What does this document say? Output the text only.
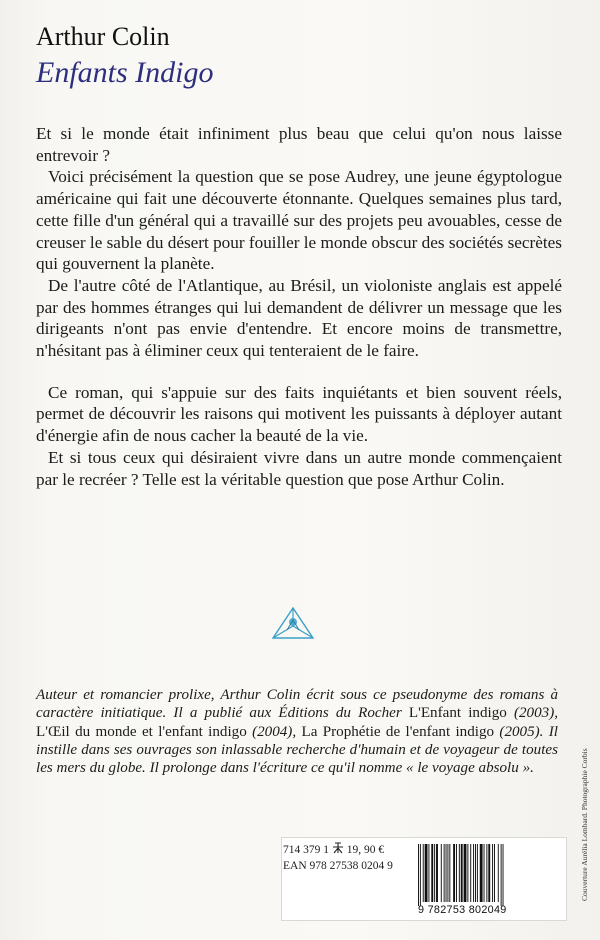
Arthur Colin
Enfants Indigo

Et si le monde était infiniment plus beau que celui qu'on nous laisse entrevoir ?

Voici précisément la question que se pose Audrey, une jeune égyptologue américaine qui fait une découverte étonnante. Quelques semaines plus tard, cette fille d'un général qui a travaillé sur des projets peu avouables, cesse de creuser le sable du désert pour fouiller le monde obscur des sociétés secrètes qui gouvernent la planète.

De l'autre côté de l'Atlantique, au Brésil, un violoniste anglais est appelé par des hommes étranges qui lui demandent de délivrer un message que les dirigeants n'ont pas envie d'entendre. Et encore moins de transmettre, n'hésitant pas à éliminer ceux qui tenteraient de le faire.

Ce roman, qui s'appuie sur des faits inquiétants et bien souvent réels, permet de découvrir les raisons qui motivent les puissants à déployer autant d'énergie afin de nous cacher la beauté de la vie.

Et si tous ceux qui désiraient vivre dans un autre monde commençaient par le recréer ? Telle est la véritable question que pose Arthur Colin.

Auteur et romancier prolixe, Arthur Colin écrit sous ce pseudonyme des romans à caractère initiatique. Il a publié aux Éditions du Rocher L'Enfant indigo (2003), L'Œil du monde et l'enfant indigo (2004), La Prophétie de l'enfant indigo (2005). Il instille dans ses ouvrages son inlassable recherche d'humain et de voyageur de toutes les mers du globe. Il prolonge dans l'écriture ce qu'il nomme « le voyage absolu ».
714 379 1 19, 90 €
EAN 978 27538 0204 9
9 782753 802049
Couverture Aurélia Lombard. Photographie Corbis
